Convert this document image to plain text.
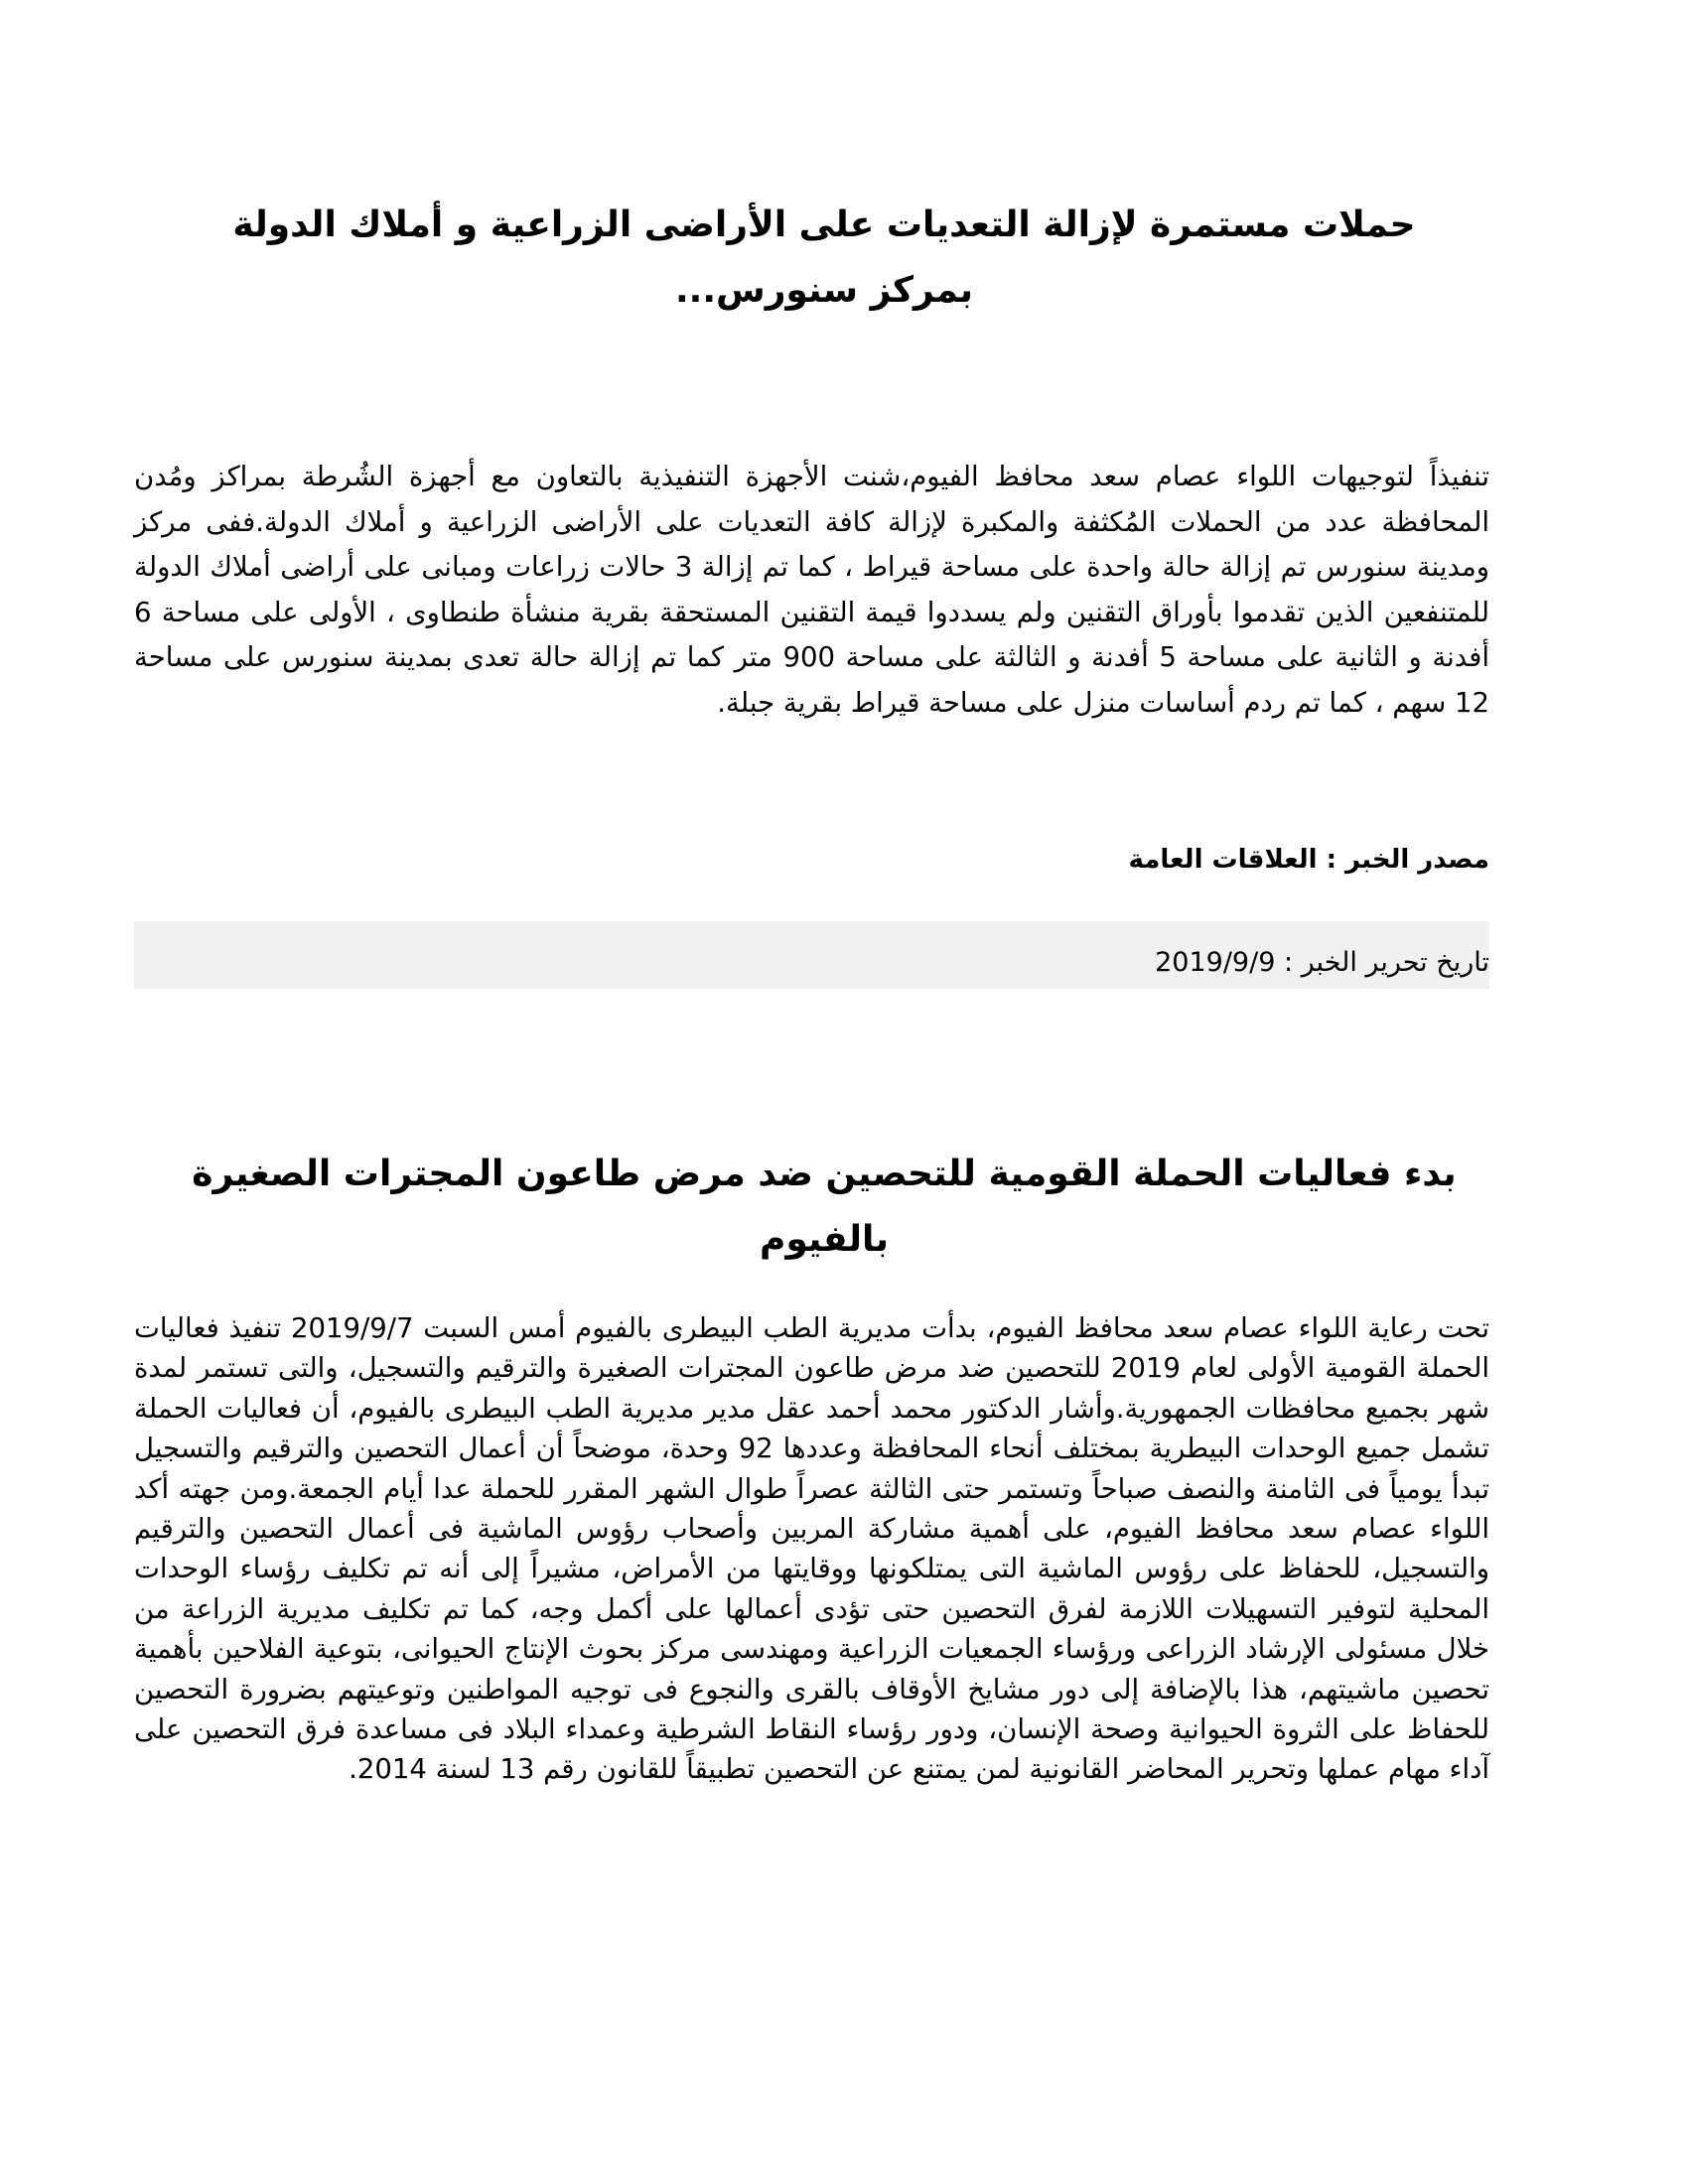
حملات مستمرة لإزالة التعديات على الأراضى الزراعية و أملاك الدولة بمركز سنورس...

تنفيذاً لتوجيهات اللواء عصام سعد محافظ الفيوم،شنت الأجهزة التنفيذية بالتعاون مع أجهزة الشُرطة بمراكز ومُدن المحافظة عدد من الحملات المُكثفة والمكبرة لإزالة كافة التعديات على الأراضى الزراعية و أملاك الدولة.ففى مركز ومدينة سنورس تم إزالة حالة واحدة على مساحة قيراط ، كما تم إزالة 3 حالات زراعات ومبانى على أراضى أملاك الدولة للمتنفعين الذين تقدموا بأوراق التقنين ولم يسددوا قيمة التقنين المستحقة بقرية منشأة طنطاوى ، الأولى على مساحة 6 أفدنة و الثانية على مساحة 5 أفدنة و الثالثة على مساحة 900 متر كما تم إزالة حالة تعدى بمدينة سنورس على مساحة 12 سهم ، كما تم ردم أساسات منزل على مساحة قيراط بقرية جبلة.

مصدر الخبر : العلاقات العامة

تاريخ تحرير الخبر : 2019/9/9
بدء فعاليات الحملة القومية للتحصين ضد مرض طاعون المجترات الصغيرة بالفيوم

تحت رعاية اللواء عصام سعد محافظ الفيوم، بدأت مديرية الطب البيطرى بالفيوم أمس السبت 2019/9/7 تنفيذ فعاليات الحملة القومية الأولى لعام 2019 للتحصين ضد مرض طاعون المجترات الصغيرة والترقيم والتسجيل، والتى تستمر لمدة شهر بجميع محافظات الجمهورية.وأشار الدكتور محمد أحمد عقل مدير مديرية الطب البيطرى بالفيوم، أن فعاليات الحملة تشمل جميع الوحدات البيطرية بمختلف أنحاء المحافظة وعددها 92 وحدة، موضحاً أن أعمال التحصين والترقيم والتسجيل تبدأ يومياً فى الثامنة والنصف صباحاً وتستمر حتى الثالثة عصراً طوال الشهر المقرر للحملة عدا أيام الجمعة.ومن جهته أكد اللواء عصام سعد محافظ الفيوم، على أهمية مشاركة المربين وأصحاب رؤوس الماشية فى أعمال التحصين والترقيم والتسجيل، للحفاظ على رؤوس الماشية التى يمتلكونها ووقايتها من الأمراض، مشيراً إلى أنه تم تكليف رؤساء الوحدات المحلية لتوفير التسهيلات اللازمة لفرق التحصين حتى تؤدى أعمالها على أكمل وجه، كما تم تكليف مديرية الزراعة من خلال مسئولى الإرشاد الزراعى ورؤساء الجمعيات الزراعية ومهندسى مركز بحوث الإنتاج الحيوانى، بتوعية الفلاحين بأهمية تحصين ماشيتهم، هذا بالإضافة إلى دور مشايخ الأوقاف بالقرى والنجوع فى توجيه المواطنين وتوعيتهم بضرورة التحصين للحفاظ على الثروة الحيوانية وصحة الإنسان، ودور رؤساء النقاط الشرطية وعمداء البلاد فى مساعدة فرق التحصين على آداء مهام عملها وتحرير المحاضر القانونية لمن يمتنع عن التحصين تطبيقاً للقانون رقم 13 لسنة 2014.
